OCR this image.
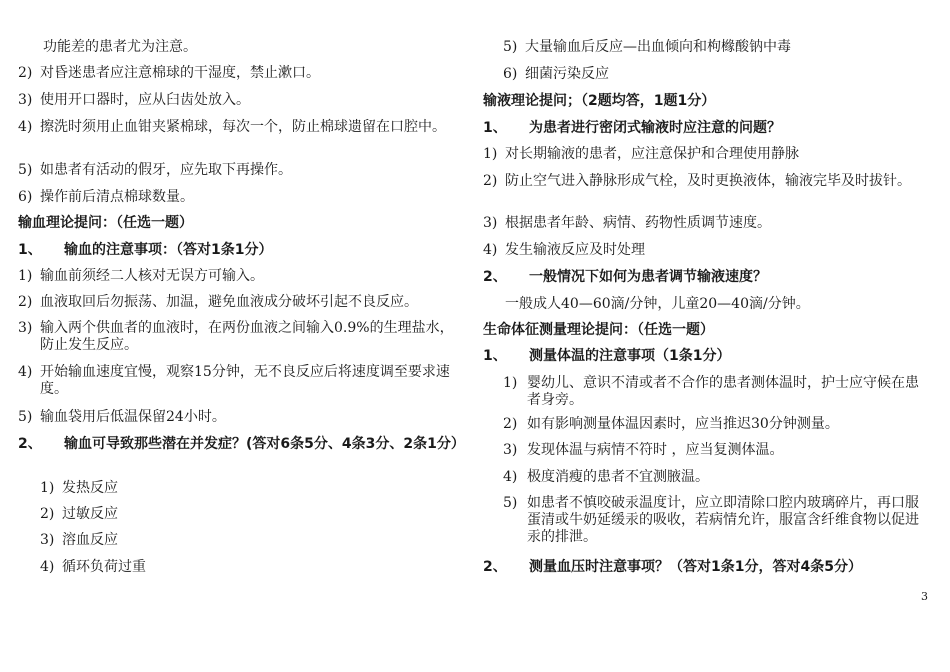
功能差的患者尤为注意。
2) 对昏迷患者应注意棉球的干湿度，禁止漱口。
3) 使用开口器时，应从臼齿处放入。
4) 擦洗时须用止血钳夹紧棉球，每次一个，防止棉球遗留在口腔中。
5) 如患者有活动的假牙，应先取下再操作。
6) 操作前后清点棉球数量。
输血理论提问：（任选一题）
1、 输血的注意事项：（答对1条1分）
1) 输血前须经二人核对无误方可输入。
2) 血液取回后勿振荡、加温，避免血液成分破坏引起不良反应。
3) 输入两个供血者的血液时，在两份血液之间输入0.9%的生理盐水，防止发生反应。
4) 开始输血速度宜慢，观察15分钟，无不良反应后将速度调至要求速度。
5) 输血袋用后低温保留24小时。
2、	输血可导致那些潜在并发症？(答对6条5分、4条3分、2条1分）
1) 发热反应
2) 过敏反应
3) 溶血反应
4) 循环负荷过重
5) 大量输血后反应—出血倾向和枸橼酸钠中毒
6) 细菌污染反应
输液理论提问；（2题均答，1题1分）
1、 为患者进行密闭式输液时应注意的问题？
1) 对长期输液的患者，应注意保护和合理使用静脉
2) 防止空气进入静脉形成气栓，及时更换液体，输液完毕及时拔针。
3) 根据患者年龄、病情、药物性质调节速度。
4) 发生输液反应及时处理
2、 一般情况下如何为患者调节输液速度？
一般成人40—60滴/分钟，儿童20—40滴/分钟。
生命体征测量理论提问：（任选一题）
1、 测量体温的注意事项（1条1分）
1) 婴幼儿、意识不清或者不合作的患者测体温时，护士应守候在患者身旁。
2) 如有影响测量体温因素时，应当推迟30分钟测量。
3) 发现体温与病情不符时 ，应当复测体温。
4) 极度消瘦的患者不宜测腋温。
5) 如患者不慎咬破汞温度计，应立即清除口腔内玻璃碎片，再口服蛋清或牛奶延缓汞的吸收，若病情允许，服富含纤维食物以促进汞的排泄。
2、 测量血压时注意事项？（答对1条1分，答对4条5分）
3
